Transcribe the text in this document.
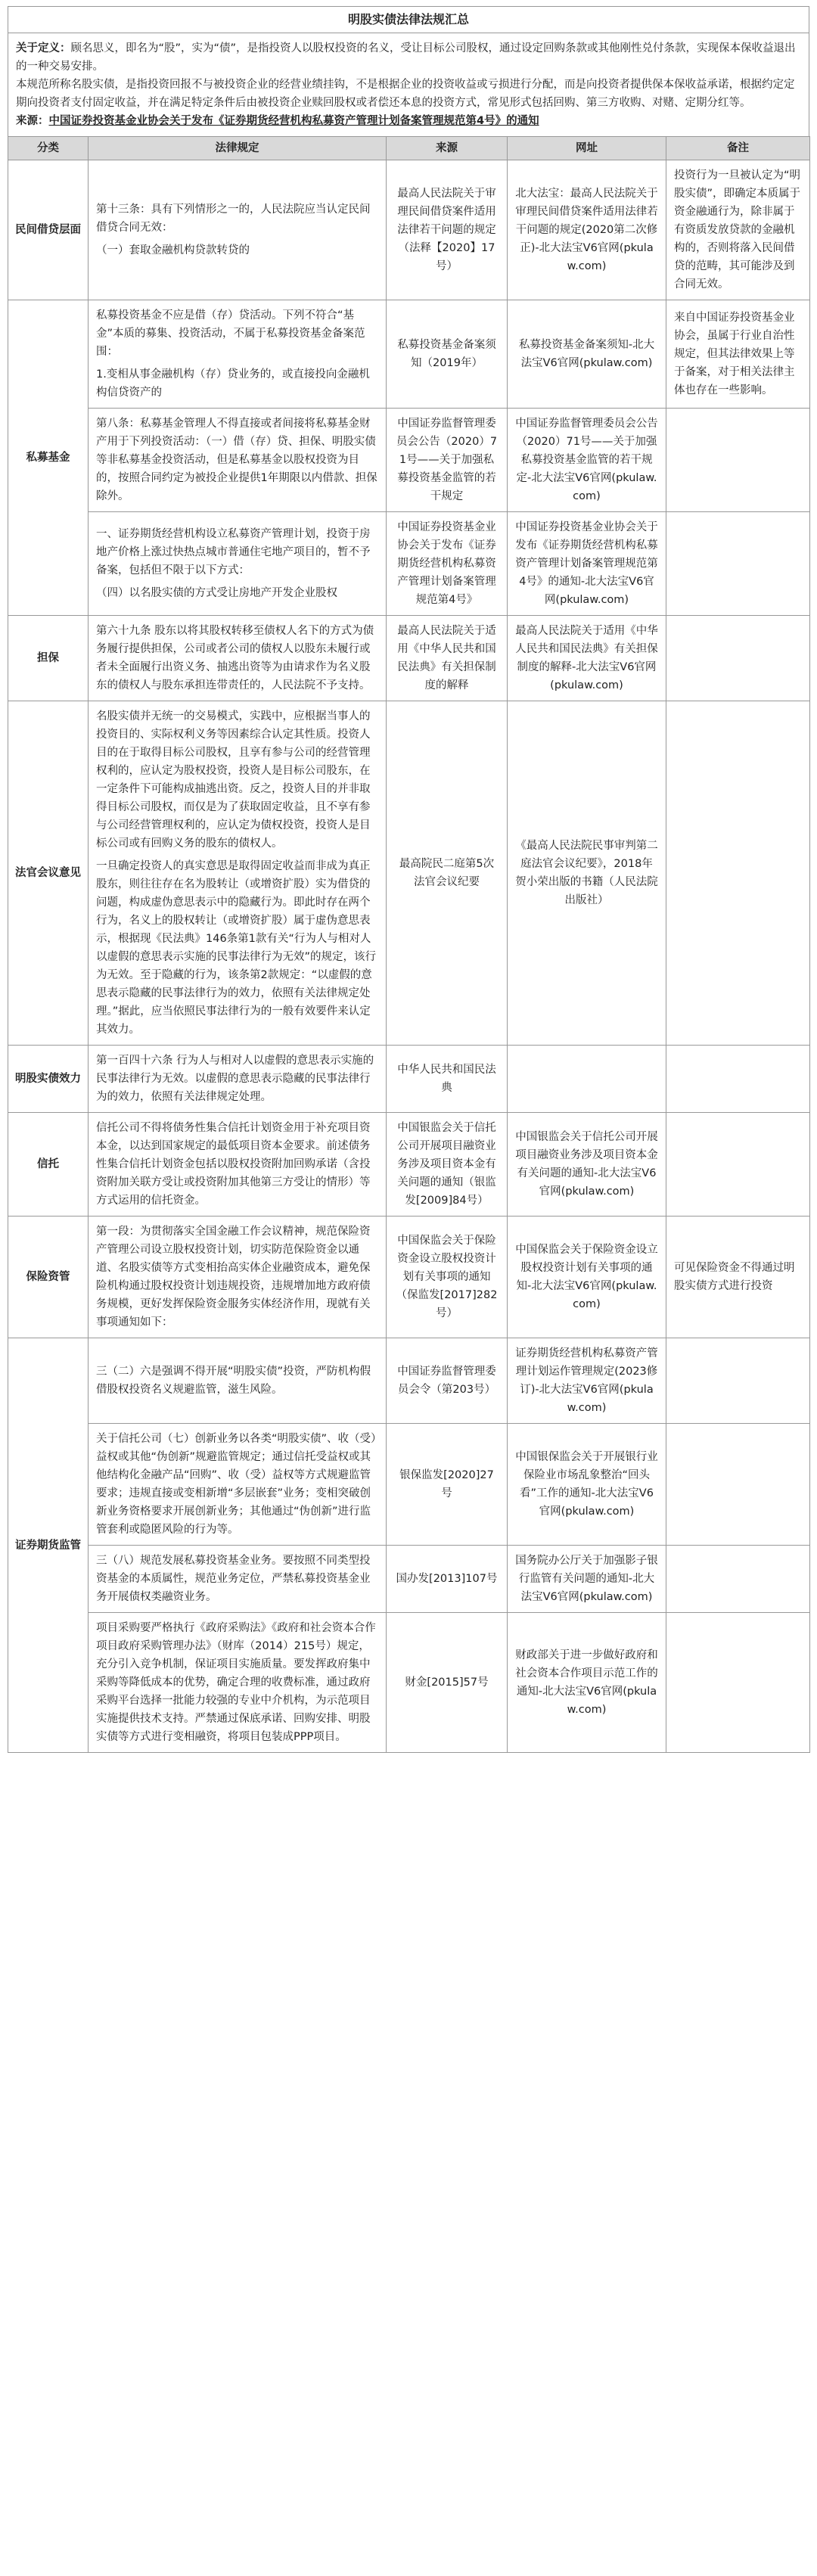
明股实债法律法规汇总

关于定义：顾名思义，即名为“股”，实为“债”，是指投资人以股权投资的名义，受让目标公司股权，通过设定回购条款或其他刚性兑付条款，实现保本保收益退出的一种交易安排。

本规范所称名股实债，是指投资回报不与被投资企业的经营业绩挂钩，不是根据企业的投资收益或亏损进行分配，而是向投资者提供保本保收益承诺，根据约定定期向投资者支付固定收益，并在满足特定条件后由被投资企业赎回股权或者偿还本息的投资方式，常见形式包括回购、第三方收购、对赌、定期分红等。

来源：中国证券投资基金业协会关于发布《证券期货经营机构私募资产管理计划备案管理规范第4号》的通知

分类	法律规定	来源	网址	备注
民间借贷层面	第十三条：具有下列情形之一的，人民法院应当认定民间借贷合同无效：

（一）套取金融机构贷款转贷的	最高人民法院关于审理民间借贷案件适用法律若干问题的规定（法释【2020】17号）	北大法宝：最高人民法院关于审理民间借贷案件适用法律若干问题的规定(2020第二次修正)-北大法宝V6官网(pkulaw.com)	投资行为一旦被认定为“明股实债”，即确定本质属于资金融通行为，除非属于有资质发放贷款的金融机构的，否则将落入民间借贷的范畴，其可能涉及到合同无效。
私募基金	私募投资基金不应是借（存）贷活动。下列不符合“基金”本质的募集、投资活动，不属于私募投资基金备案范围：

1.变相从事金融机构（存）贷业务的，或直接投向金融机构信贷资产的	私募投资基金备案须知（2019年）	私募投资基金备案须知-北大法宝V6官网(pkulaw.com)	来自中国证券投资基金业协会，虽属于行业自治性规定，但其法律效果上等于备案，对于相关法律主体也存在一些影响。

	第八条：私募基金管理人不得直接或者间接将私募基金财产用于下列投资活动：（一）借（存）贷、担保、明股实债等非私募基金投资活动，但是私募基金以股权投资为目的，按照合同约定为被投企业提供1年期限以内借款、担保除外。	中国证券监督管理委员会公告（2020）71号——关于加强私募投资基金监管的若干规定	中国证券监督管理委员会公告（2020）71号——关于加强私募投资基金监管的若干规定-北大法宝V6官网(pkulaw.com)	

	一、证券期货经营机构设立私募资产管理计划，投资于房地产价格上涨过快热点城市普通住宅地产项目的，暂不予备案，包括但不限于以下方式：

（四）以名股实债的方式受让房地产开发企业股权	中国证券投资基金业协会关于发布《证券期货经营机构私募资产管理计划备案管理规范第4号》	中国证券投资基金业协会关于发布《证券期货经营机构私募资产管理计划备案管理规范第4号》的通知-北大法宝V6官网(pkulaw.com)	
担保	第六十九条 股东以将其股权转移至债权人名下的方式为债务履行提供担保，公司或者公司的债权人以股东未履行或者未全面履行出资义务、抽逃出资等为由请求作为名义股东的债权人与股东承担连带责任的，人民法院不予支持。	最高人民法院关于适用《中华人民共和国民法典》有关担保制度的解释	最高人民法院关于适用《中华人民共和国民法典》有关担保制度的解释-北大法宝V6官网(pkulaw.com)	
法官会议意见	名股实债并无统一的交易模式，实践中，应根据当事人的投资目的、实际权利义务等因素综合认定其性质。投资人目的在于取得目标公司股权，且享有参与公司的经营管理权利的，应认定为股权投资，投资人是目标公司股东，在一定条件下可能构成抽逃出资。反之，投资人目的并非取得目标公司股权，而仅是为了获取固定收益，且不享有参与公司经营管理权利的，应认定为债权投资，投资人是目标公司或有回购义务的股东的债权人。

一旦确定投资人的真实意思是取得固定收益而非成为真正股东，则往往存在名为股转让（或增资扩股）实为借贷的问题，构成虚伪意思表示中的隐藏行为。即此时存在两个行为，名义上的股权转让（或增资扩股）属于虚伪意思表示，根据现《民法典》146条第1款有关“行为人与相对人以虚假的意思表示实施的民事法律行为无效”的规定，该行为无效。至于隐藏的行为，该条第2款规定：“以虚假的意思表示隐藏的民事法律行为的效力，依照有关法律规定处理。”据此，应当依照民事法律行为的一般有效要件来认定其效力。	最高院民二庭第5次法官会议纪要	《最高人民法院民事审判第二庭法官会议纪要》，2018年贺小荣出版的书籍（人民法院出版社）	
明股实债效力	第一百四十六条 行为人与相对人以虚假的意思表示实施的民事法律行为无效。以虚假的意思表示隐藏的民事法律行为的效力，依照有关法律规定处理。	中华人民共和国民法典		
信托	信托公司不得将债务性集合信托计划资金用于补充项目资本金，以达到国家规定的最低项目资本金要求。前述债务性集合信托计划资金包括以股权投资附加回购承诺（含投资附加关联方受让或投资附加其他第三方受让的情形）等方式运用的信托资金。	中国银监会关于信托公司开展项目融资业务涉及项目资本金有关问题的通知（银监发[2009]84号）	中国银监会关于信托公司开展项目融资业务涉及项目资本金有关问题的通知-北大法宝V6官网(pkulaw.com)	
保险资管	第一段：为贯彻落实全国金融工作会议精神，规范保险资产管理公司设立股权投资计划，切实防范保险资金以通道、名股实债等方式变相抬高实体企业融资成本，避免保险机构通过股权投资计划违规投资，违规增加地方政府债务规模，更好发挥保险资金服务实体经济作用，现就有关事项通知如下：	中国保监会关于保险资金设立股权投资计划有关事项的通知（保监发[2017]282号）	中国保监会关于保险资金设立股权投资计划有关事项的通知-北大法宝V6官网(pkulaw.com)	可见保险资金不得通过明股实债方式进行投资
证券期货监管	三（二）六是强调不得开展“明股实债”投资，严防机构假借股权投资名义规避监管，滋生风险。	中国证券监督管理委员会令（第203号）	证券期货经营机构私募资产管理计划运作管理规定(2023修订)-北大法宝V6官网(pkulaw.com)	

	关于信托公司（七）创新业务以各类“明股实债”、收（受）益权或其他“伪创新”规避监管规定；通过信托受益权或其他结构化金融产品“回购”、收（受）益权等方式规避监管要求；违规直接或变相新增“多层嵌套”业务；变相突破创新业务资格要求开展创新业务；其他通过“伪创新”进行监管套利或隐匿风险的行为等。	银保监发[2020]27号	中国银保监会关于开展银行业保险业市场乱象整治“回头看”工作的通知-北大法宝V6官网(pkulaw.com)	

	三（八）规范发展私募投资基金业务。要按照不同类型投资基金的本质属性，规范业务定位，严禁私募投资基金业务开展债权类融资业务。	国办发[2013]107号	国务院办公厅关于加强影子银行监管有关问题的通知-北大法宝V6官网(pkulaw.com)	

	项目采购要严格执行《政府采购法》《政府和社会资本合作项目政府采购管理办法》（财库（2014）215号）规定，充分引入竞争机制，保证项目实施质量。要发挥政府集中采购等降低成本的优势，确定合理的收费标准，通过政府采购平台选择一批能力较强的专业中介机构，为示范项目实施提供技术支持。严禁通过保底承诺、回购安排、明股实债等方式进行变相融资，将项目包装成PPP项目。	财金[2015]57号	财政部关于进一步做好政府和社会资本合作项目示范工作的通知-北大法宝V6官网(pkulaw.com)	
